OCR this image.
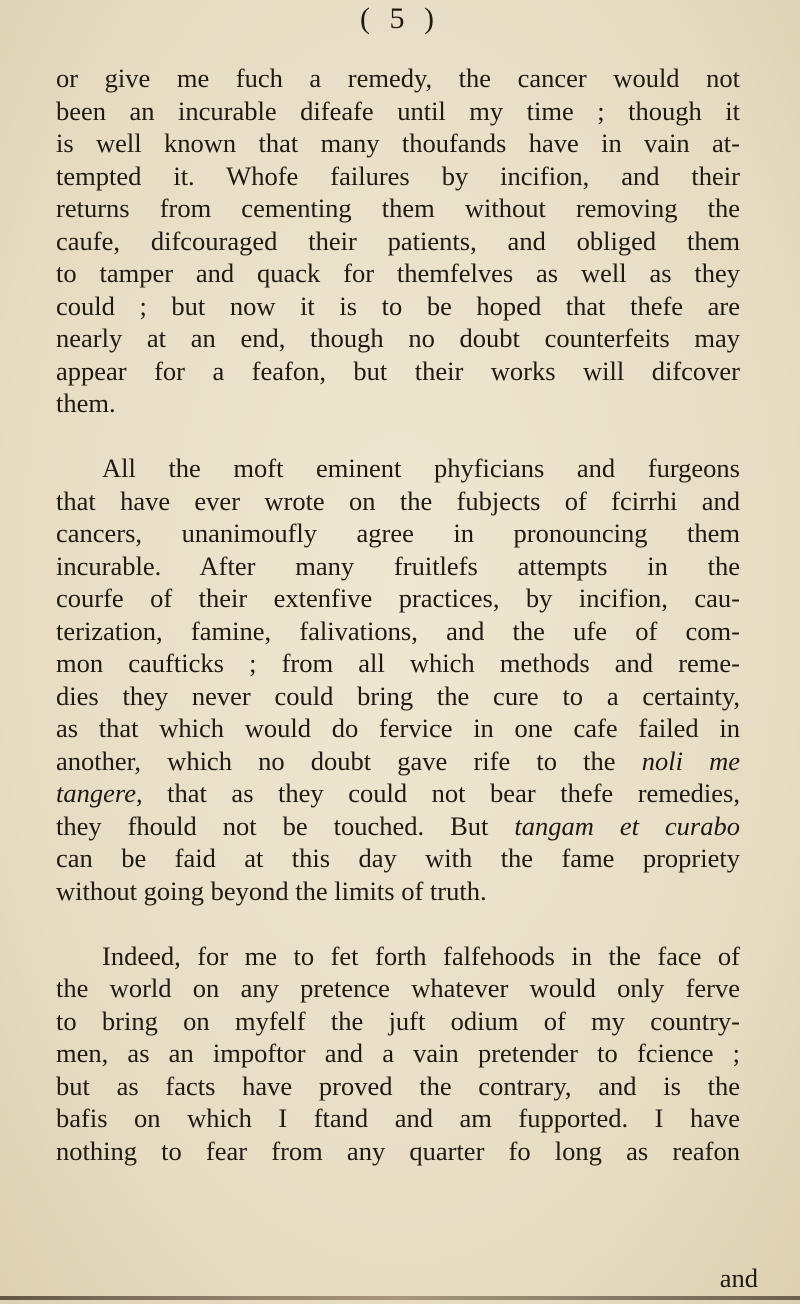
( 5 )
or give me fuch a remedy, the cancer would not
been an incurable difeafe until my time ; though it
is well known that many thoufands have in vain at-
tempted it. Whofe failures by incifion, and their
returns from cementing them without removing the
caufe, difcouraged their patients, and obliged them
to tamper and quack for themfelves as well as they
could ; but now it is to be hoped that thefe are
nearly at an end, though no doubt counterfeits may
appear for a feafon, but their works will difcover
them.
All the moft eminent phyficians and furgeons
that have ever wrote on the fubjects of fcirrhi and
cancers, unanimoufly agree in pronouncing them
incurable. After many fruitlefs attempts in the
courfe of their extenfive practices, by incifion, cau-
terization, famine, falivations, and the ufe of com-
mon caufticks ; from all which methods and reme-
dies they never could bring the cure to a certainty,
as that which would do fervice in one cafe failed in
another, which no doubt gave rife to the noli me
tangere, that as they could not bear thefe remedies,
they fhould not be touched. But tangam et curabo
can be faid at this day with the fame propriety
without going beyond the limits of truth.
Indeed, for me to fet forth falfehoods in the face of
the world on any pretence whatever would only ferve
to bring on myfelf the juft odium of my country-
men, as an impoftor and a vain pretender to fcience ;
but as facts have proved the contrary, and is the
bafis on which I ftand and am fupported. I have
nothing to fear from any quarter fo long as reafon
and
